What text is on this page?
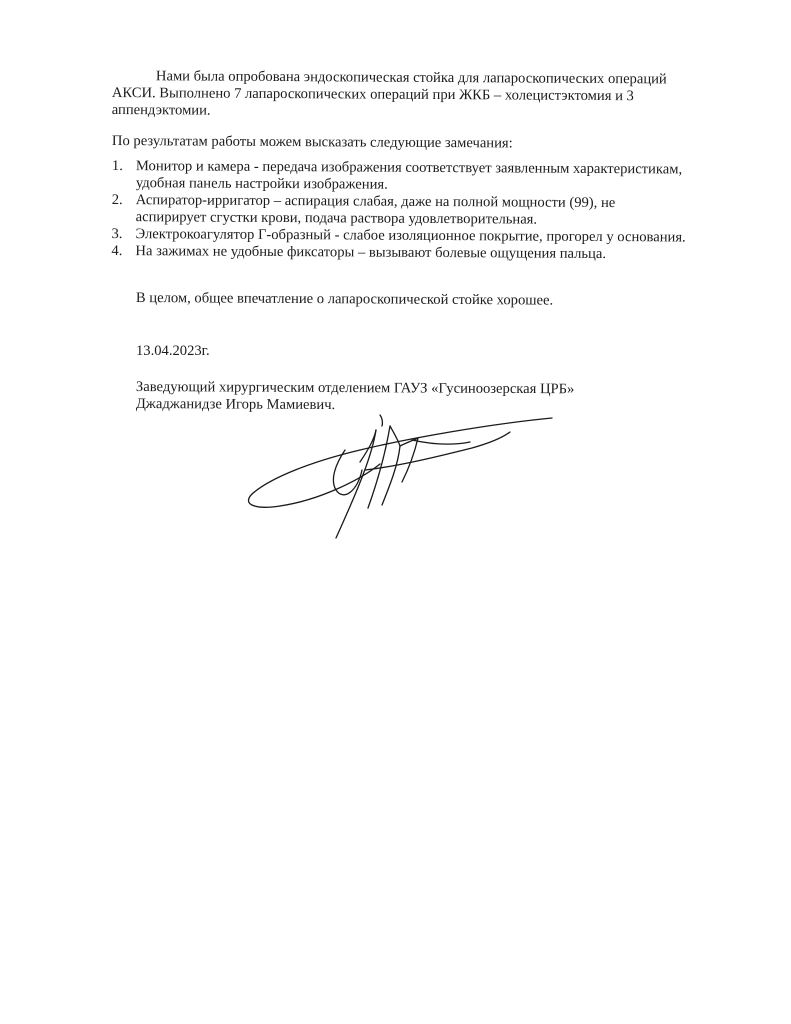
Нами была опробована эндоскопическая стойка для лапароскопических операций
АКСИ. Выполнено 7 лапароскопических операций при ЖКБ – холецистэктомия и 3
аппендэктомии.
По результатам работы можем высказать следующие замечания:
1. Монитор и камера - передача изображения соответствует заявленным характеристикам,
удобная панель настройки изображения.
2. Аспиратор-ирригатор – аспирация слабая, даже на полной мощности (99), не
аспирирует сгустки крови, подача раствора удовлетворительная.
3. Электрокоагулятор Г-образный - слабое изоляционное покрытие, прогорел у основания.
4. На зажимах не удобные фиксаторы – вызывают болевые ощущения пальца.
В целом, общее впечатление о лапароскопической стойке хорошее.
13.04.2023г.
Заведующий хирургическим отделением ГАУЗ «Гусиноозерская ЦРБ»
Джаджанидзе Игорь Мамиевич.
